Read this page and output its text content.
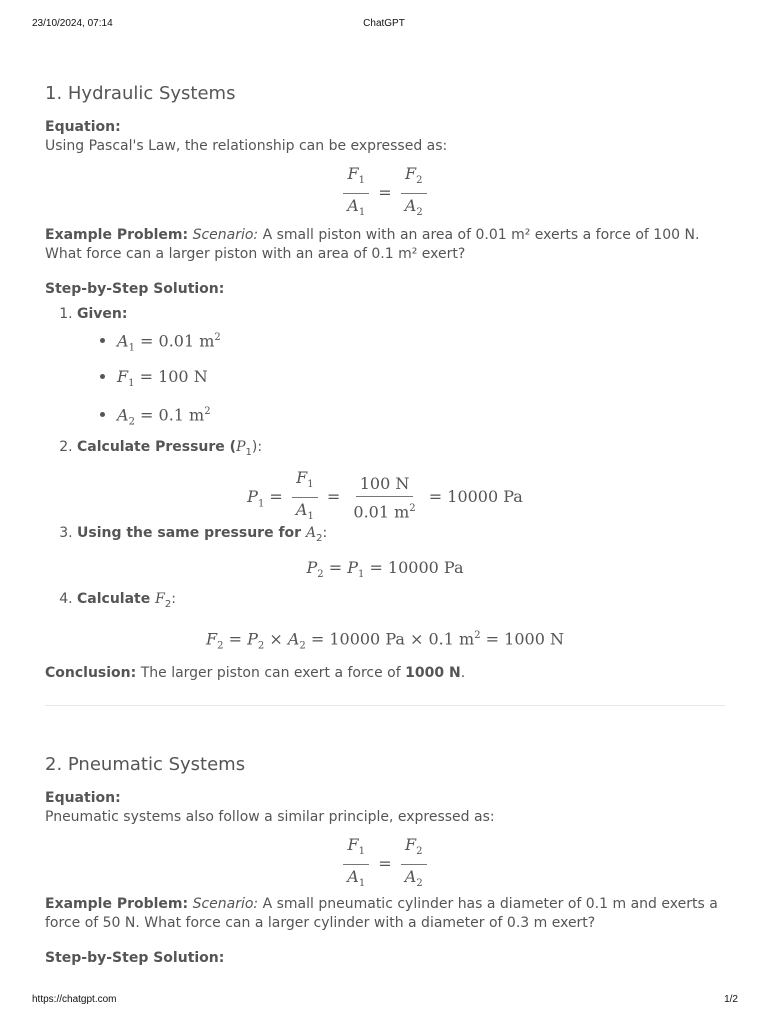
23/10/2024, 07:14	ChatGPT
1. Hydraulic Systems

Equation:

Using Pascal's Law, the relationship can be expressed as:

$\frac{F_1}{A_1} = \frac{F_2}{A_2}$

Example Problem: Scenario: A small piston with an area of 0.01 m² exerts a force of 100 N. What force can a larger piston with an area of 0.1 m² exert?

Step-by-Step Solution:

1. Given:
• $A_1 = 0.01$ $m^2$
• $F_1 = 100$ N
• $A_2 = 0.1$ $m^2$
2. Calculate Pressure $(P_1)$:
$P_1 = \frac{F_1}{A_1} = \frac{100 N}{0.01 m^2} = 10000$ Pa
3. Using the same pressure for $A_2$:
$P_2 = P_1 = 10000$ Pa
4. Calculate $F_2$:
$F_2 = P_2 \times A_2 = 10000$ Pa × 0.1 $m^2 = 1000$ N

Conclusion: The larger piston can exert a force of 1000 N.

2. Pneumatic Systems

Equation:

Pneumatic systems also follow a similar principle, expressed as:

$\frac{F_1}{A_1} = \frac{F_2}{A_2}$

Example Problem: Scenario: A small pneumatic cylinder has a diameter of 0.1 m and exerts a force of 50 N. What force can a larger cylinder with a diameter of 0.3 m exert?

Step-by-Step Solution:

https://chatgpt.com	1/2
